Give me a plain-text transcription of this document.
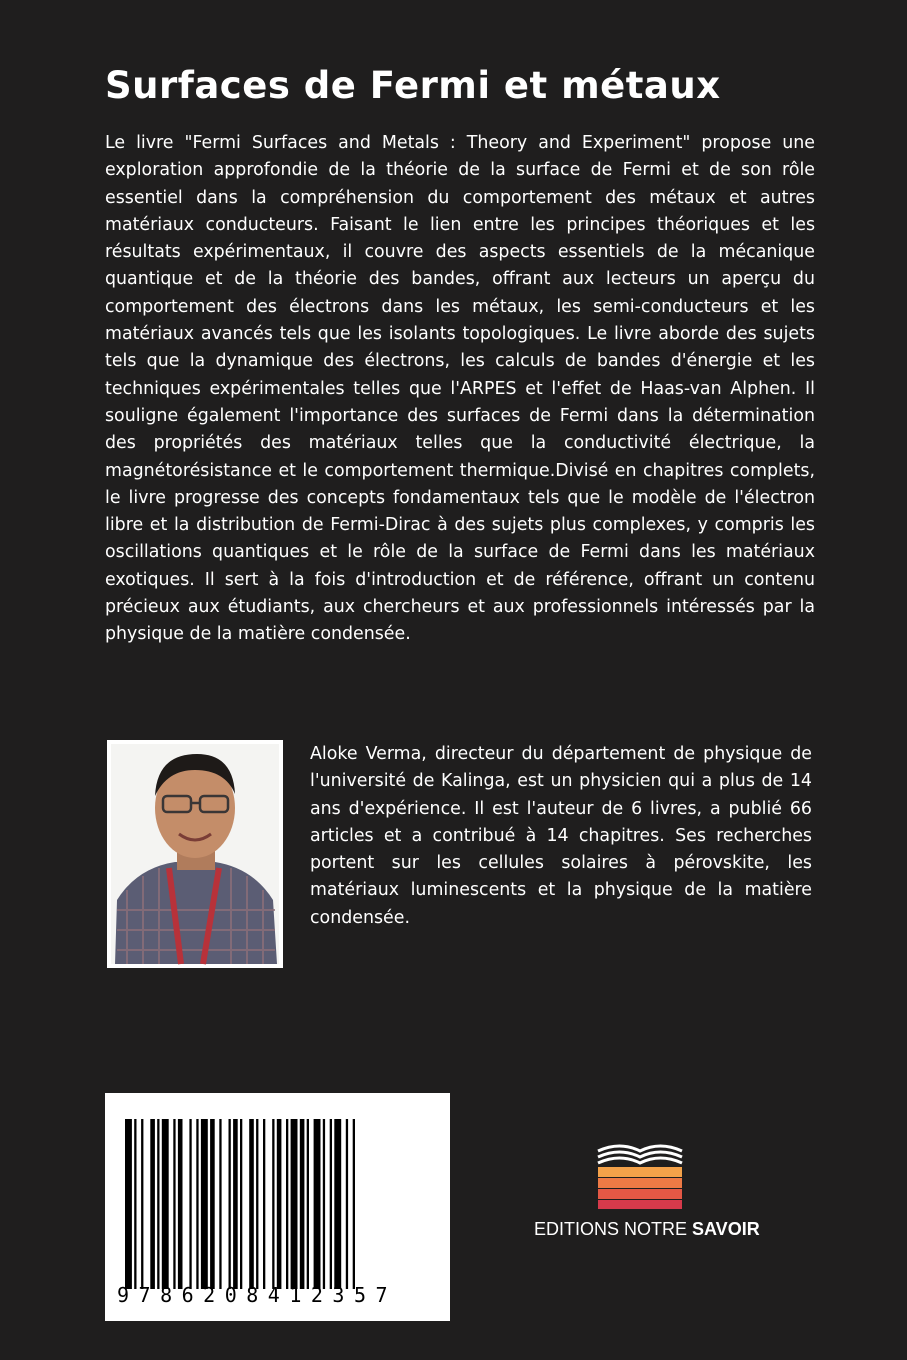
Surfaces de Fermi et métaux

Le livre "Fermi Surfaces and Metals : Theory and Experiment" propose une exploration approfondie de la théorie de la surface de Fermi et de son rôle essentiel dans la compréhension du comportement des métaux et autres matériaux conducteurs. Faisant le lien entre les principes théoriques et les résultats expérimentaux, il couvre des aspects essentiels de la mécanique quantique et de la théorie des bandes, offrant aux lecteurs un aperçu du comportement des électrons dans les métaux, les semi-conducteurs et les matériaux avancés tels que les isolants topologiques. Le livre aborde des sujets tels que la dynamique des électrons, les calculs de bandes d'énergie et les techniques expérimentales telles que l'ARPES et l'effet de Haas-van Alphen. Il souligne également l'importance des surfaces de Fermi dans la détermination des propriétés des matériaux telles que la conductivité électrique, la magnétorésistance et le comportement thermique.Divisé en chapitres complets, le livre progresse des concepts fondamentaux tels que le modèle de l'électron libre et la distribution de Fermi-Dirac à des sujets plus complexes, y compris les oscillations quantiques et le rôle de la surface de Fermi dans les matériaux exotiques. Il sert à la fois d'introduction et de référence, offrant un contenu précieux aux étudiants, aux chercheurs et aux professionnels intéressés par la physique de la matière condensée.

Aloke Verma, directeur du département de physique de l'université de Kalinga, est un physicien qui a plus de 14 ans d'expérience. Il est l'auteur de 6 livres, a publié 66 articles et a contribué à 14 chapitres. Ses recherches portent sur les cellules solaires à pérovskite, les matériaux luminescents et la physique de la matière condensée.

9786208412357
EDITIONS NOTRE SAVOIR
